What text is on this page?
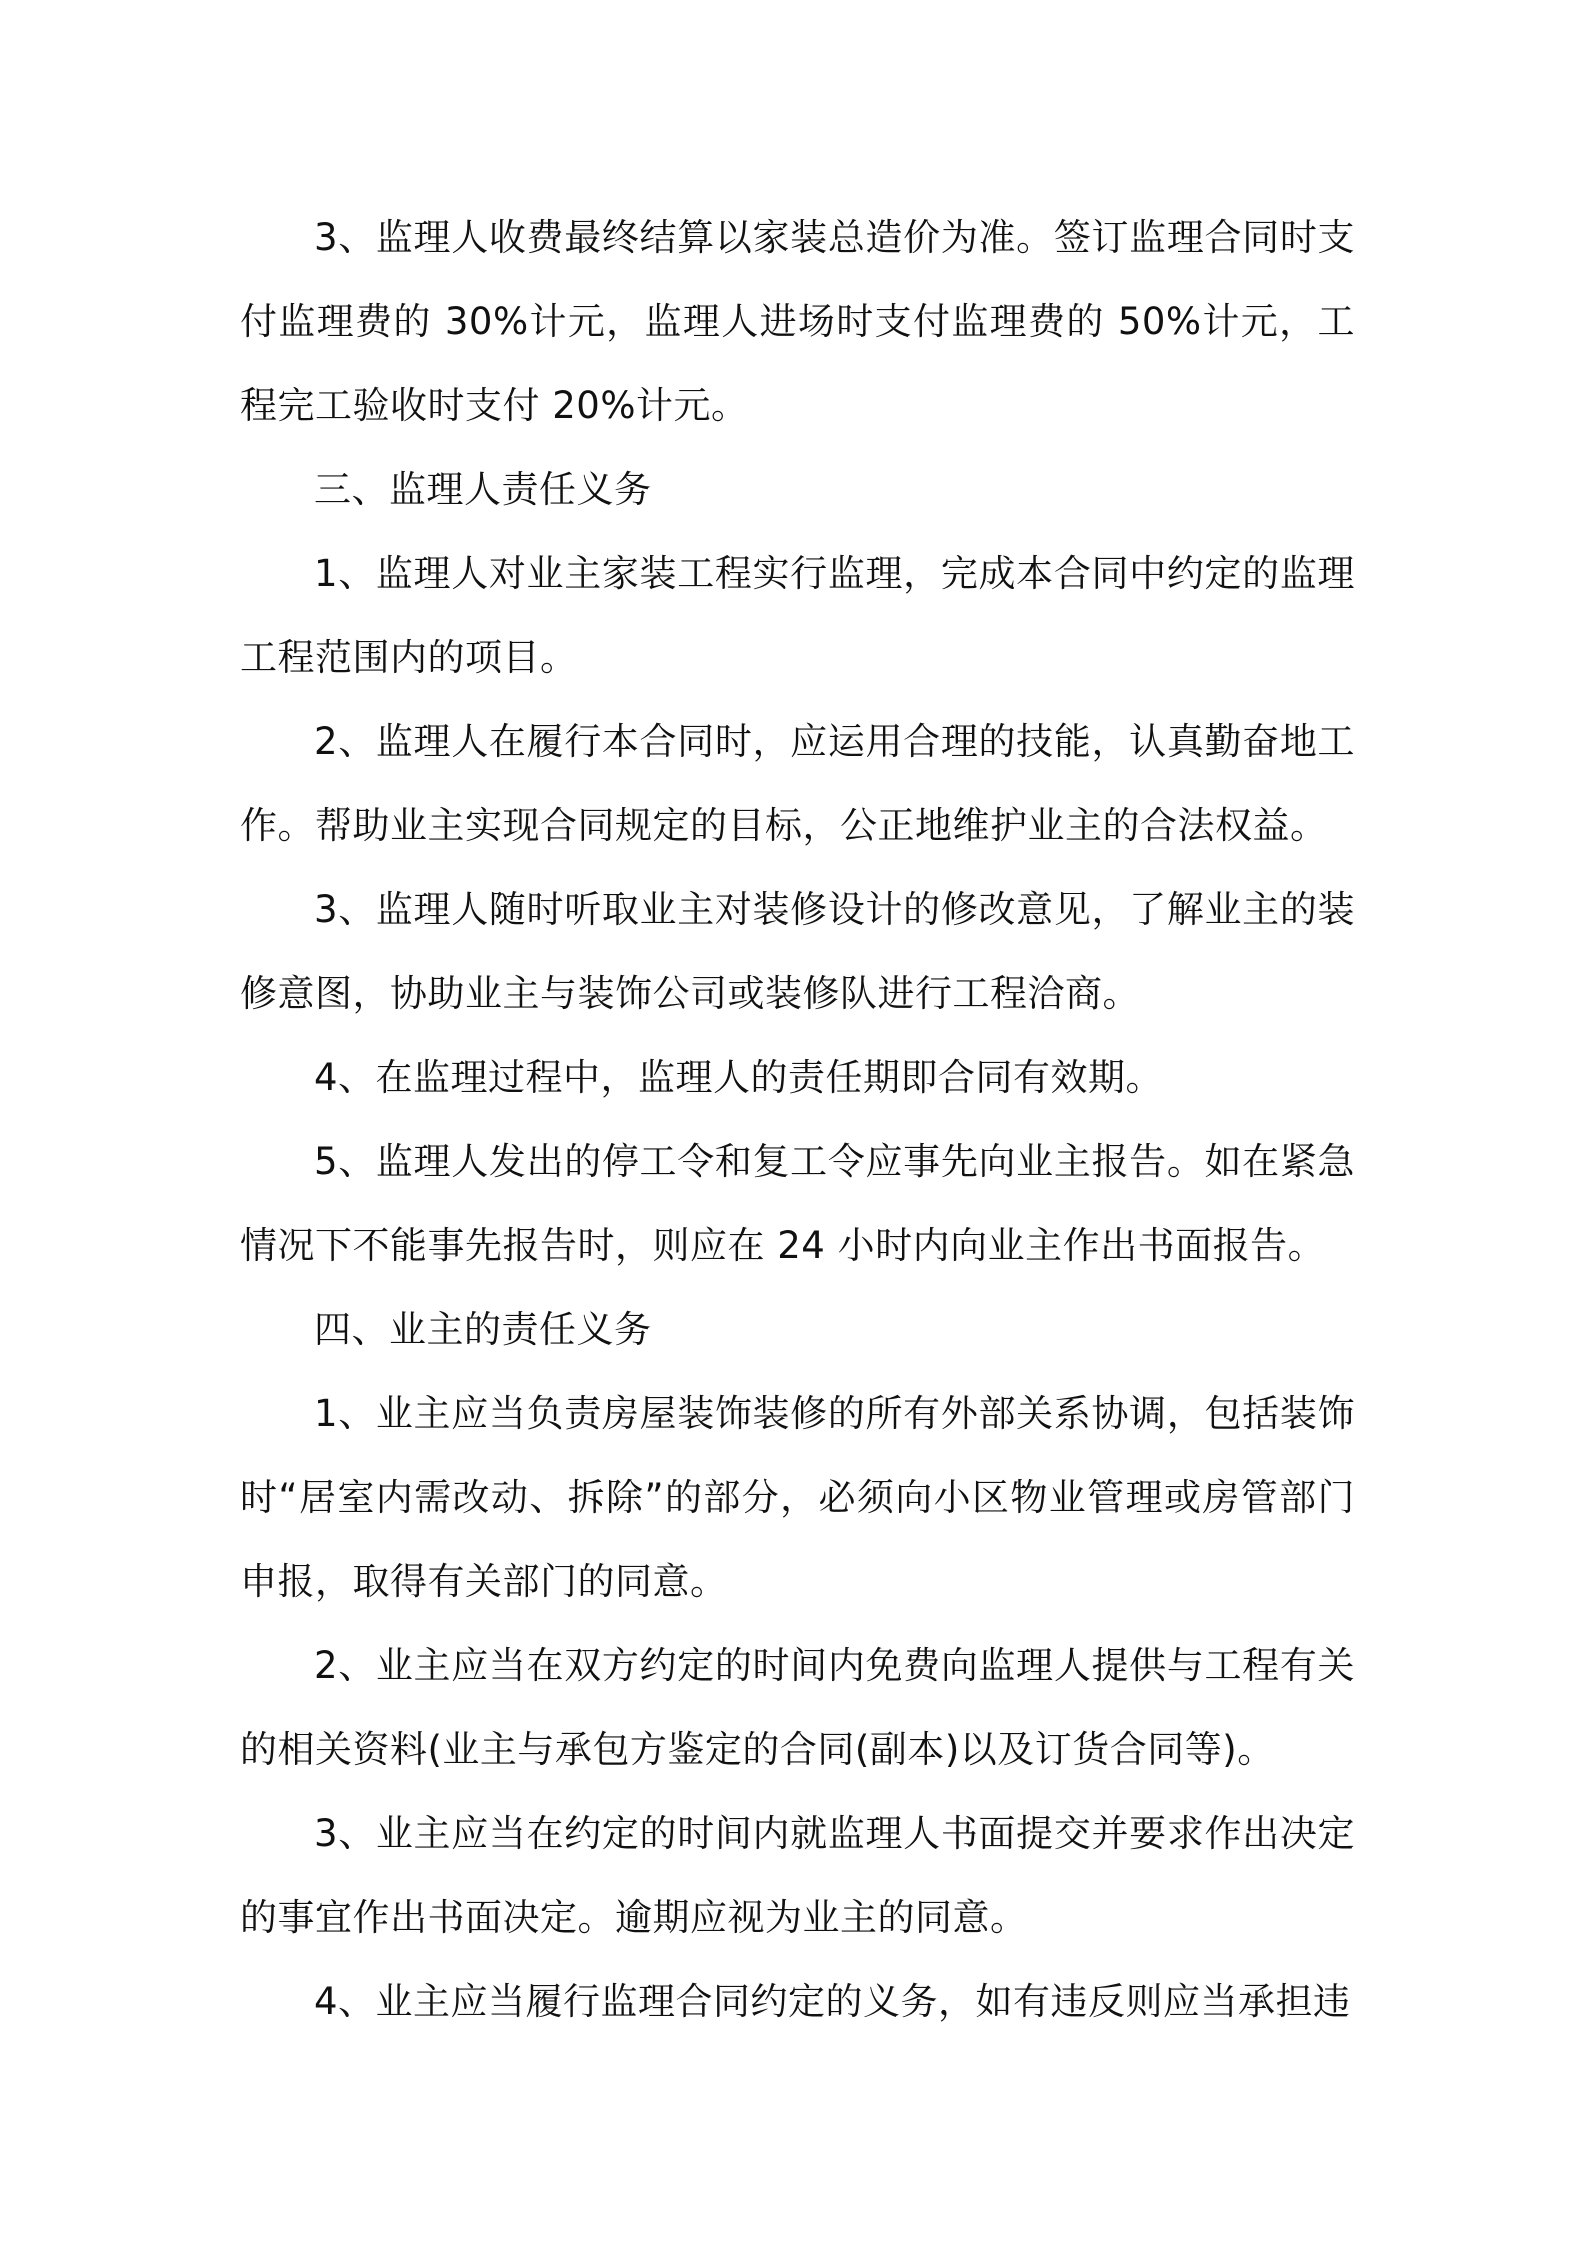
3、监理人收费最终结算以家装总造价为准。签订监理合同时支付监理费的 30%计元，监理人进场时支付监理费的 50%计元，工程完工验收时支付 20%计元。

三、监理人责任义务

1、监理人对业主家装工程实行监理，完成本合同中约定的监理工程范围内的项目。

2、监理人在履行本合同时，应运用合理的技能，认真勤奋地工作。帮助业主实现合同规定的目标，公正地维护业主的合法权益。

3、监理人随时听取业主对装修设计的修改意见，了解业主的装修意图，协助业主与装饰公司或装修队进行工程洽商。

4、在监理过程中，监理人的责任期即合同有效期。

5、监理人发出的停工令和复工令应事先向业主报告。如在紧急情况下不能事先报告时，则应在 24 小时内向业主作出书面报告。

四、业主的责任义务

1、业主应当负责房屋装饰装修的所有外部关系协调，包括装饰时“居室内需改动、拆除”的部分，必须向小区物业管理或房管部门申报，取得有关部门的同意。

2、业主应当在双方约定的时间内免费向监理人提供与工程有关的相关资料(业主与承包方鉴定的合同(副本)以及订货合同等)。

3、业主应当在约定的时间内就监理人书面提交并要求作出决定的事宜作出书面决定。逾期应视为业主的同意。

4、业主应当履行监理合同约定的义务，如有违反则应当承担违
